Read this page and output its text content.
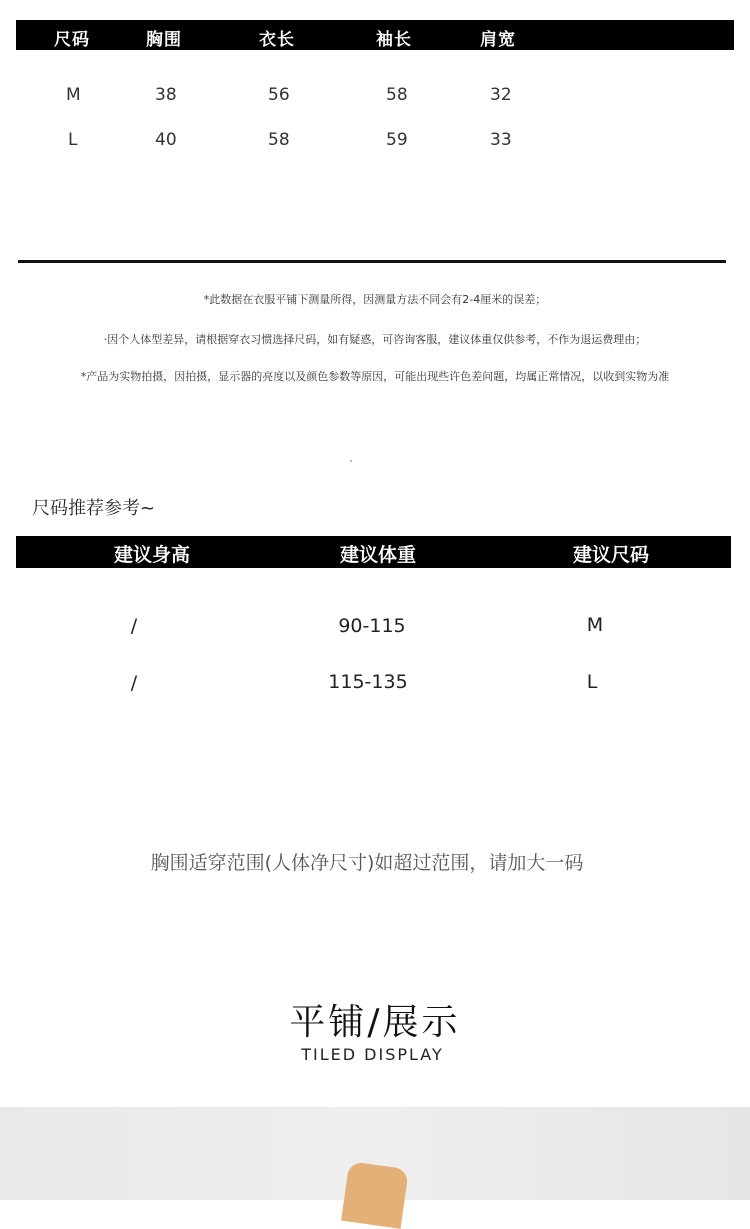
尺码	胸围	衣长	袖长	肩宽
M	38	56	58	32
L	40	58	59	33
*此数据在衣服平铺下测量所得，因测量方法不同会有2-4厘米的误差；
·因个人体型差异，请根据穿衣习惯选择尺码，如有疑惑，可咨询客服，建议体重仅供参考，不作为退运费理由；
*产品为实物拍摄，因拍摄，显示器的亮度以及颜色参数等原因，可能出现些许色差问题，均属正常情况，以收到实物为准
尺码推荐参考~
建议身高	建议体重	建议尺码
/	90-115	M
/	115-135	L
胸围适穿范围(人体净尺寸)如超过范围，请加大一码
平铺/展示
TILED DISPLAY
